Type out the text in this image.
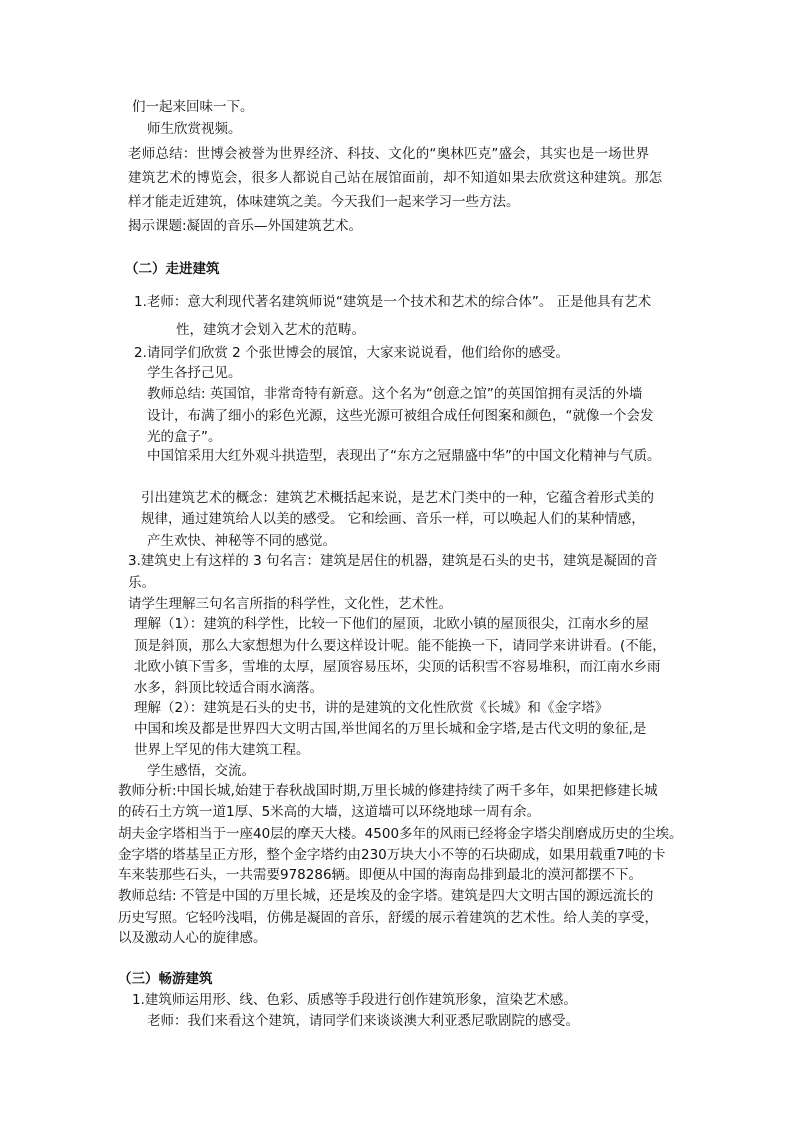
们一起来回味一下。
师生欣赏视频。
老师总结：世博会被誉为世界经济、科技、文化的“奥林匹克”盛会，其实也是一场世界
建筑艺术的博览会，很多人都说自己站在展馆面前，却不知道如果去欣赏这种建筑。那怎
样才能走近建筑，体味建筑之美。今天我们一起来学习一些方法。
揭示课题:凝固的音乐—外国建筑艺术。
（二）走进建筑
1.老师：意大利现代著名建筑师说“建筑是一个技术和艺术的综合体”。 正是他具有艺术
性，建筑才会划入艺术的范畴。
2.请同学们欣赏 2 个张世博会的展馆，大家来说说看，他们给你的感受。
学生各抒己见。
教师总结: 英国馆，非常奇特有新意。这个名为“创意之馆”的英国馆拥有灵活的外墙
设计，布满了细小的彩色光源，这些光源可被组合成任何图案和颜色，“就像一个会发
光的盒子”。
中国馆采用大红外观斗拱造型，表现出了“东方之冠鼎盛中华”的中国文化精神与气质。
引出建筑艺术的概念：建筑艺术概括起来说，是艺术门类中的一种，它蕴含着形式美的
规律，通过建筑给人以美的感受。 它和绘画、音乐一样，可以唤起人们的某种情感，
产生欢快、神秘等不同的感觉。
3.建筑史上有这样的 3 句名言：建筑是居住的机器，建筑是石头的史书，建筑是凝固的音
乐。
请学生理解三句名言所指的科学性，文化性，艺术性。
理解（1）：建筑的科学性，比较一下他们的屋顶，北欧小镇的屋顶很尖，江南水乡的屋
顶是斜顶，那么大家想想为什么要这样设计呢。能不能换一下，请同学来讲讲看。(不能，
北欧小镇下雪多，雪堆的太厚，屋顶容易压坏，尖顶的话积雪不容易堆积，而江南水乡雨
水多，斜顶比较适合雨水滴落。
理解（2）：建筑是石头的史书，讲的是建筑的文化性欣赏《长城》和《金字塔》
中国和埃及都是世界四大文明古国,举世闻名的万里长城和金字塔,是古代文明的象征,是
世界上罕见的伟大建筑工程。
学生感悟，交流。
教师分析:中国长城,始建于春秋战国时期,万里长城的修建持续了两千多年，如果把修建长城
的砖石土方筑一道1厚、5米高的大墙，这道墙可以环绕地球一周有余。
胡夫金字塔相当于一座40层的摩天大楼。4500多年的风雨已经将金字塔尖削磨成历史的尘埃。
金字塔的塔基呈正方形，整个金字塔约由230万块大小不等的石块砌成，如果用载重7吨的卡
车来装那些石头，一共需要978286辆。即便从中国的海南岛排到最北的漠河都摆不下。
教师总结: 不管是中国的万里长城，还是埃及的金字塔。建筑是四大文明古国的源远流长的
历史写照。它轻吟浅唱，仿佛是凝固的音乐，舒缓的展示着建筑的艺术性。给人美的享受，
以及激动人心的旋律感。
（三）畅游建筑
1.建筑师运用形、线、色彩、质感等手段进行创作建筑形象，渲染艺术感。
老师：我们来看这个建筑，请同学们来谈谈澳大利亚悉尼歌剧院的感受。
